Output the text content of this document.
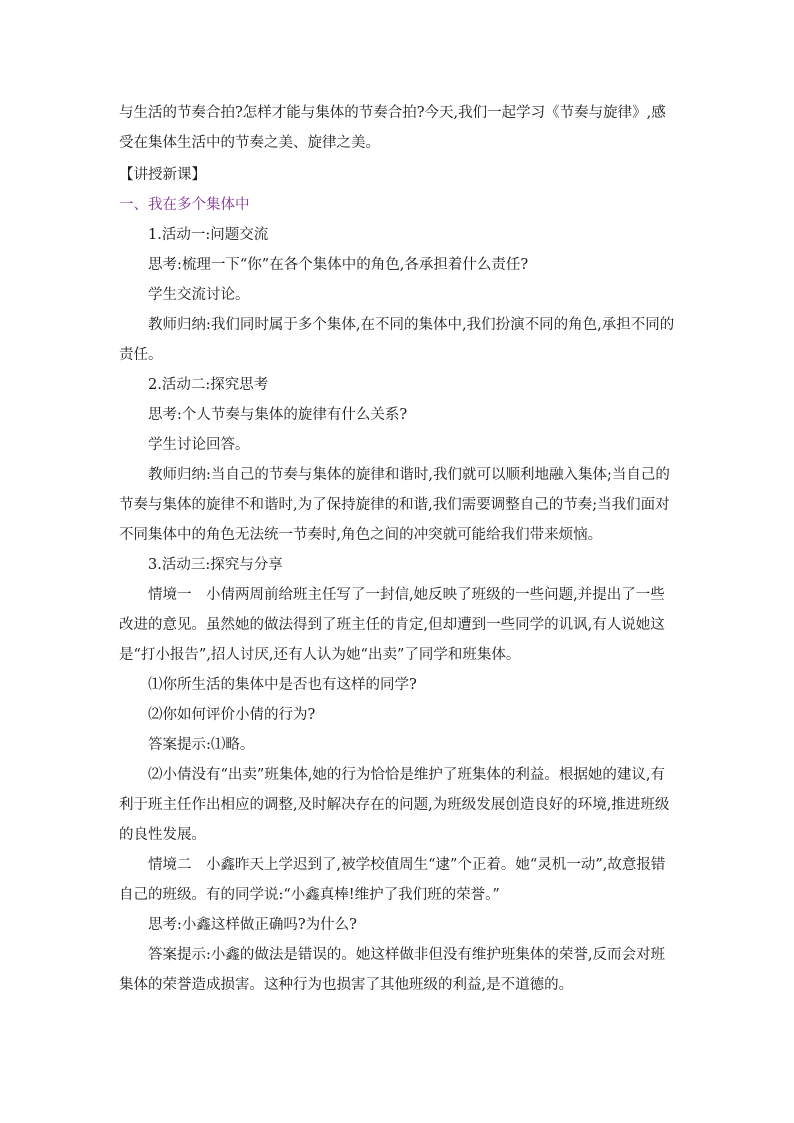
与生活的节奏合拍?怎样才能与集体的节奏合拍?今天,我们一起学习《节奏与旋律》,感受在集体生活中的节奏之美、旋律之美。

【讲授新课】

一、我在多个集体中

1.活动一:问题交流

思考:梳理一下“你”在各个集体中的角色,各承担着什么责任?

学生交流讨论。

教师归纳:我们同时属于多个集体,在不同的集体中,我们扮演不同的角色,承担不同的责任。

2.活动二:探究思考

思考:个人节奏与集体的旋律有什么关系?

学生讨论回答。

教师归纳:当自己的节奏与集体的旋律和谐时,我们就可以顺利地融入集体;当自己的节奏与集体的旋律不和谐时,为了保持旋律的和谐,我们需要调整自己的节奏;当我们面对不同集体中的角色无法统一节奏时,角色之间的冲突就可能给我们带来烦恼。

3.活动三:探究与分享

情境一　小倩两周前给班主任写了一封信,她反映了班级的一些问题,并提出了一些改进的意见。虽然她的做法得到了班主任的肯定,但却遭到一些同学的讥讽,有人说她这是“打小报告”,招人讨厌,还有人认为她“出卖”了同学和班集体。

⑴你所生活的集体中是否也有这样的同学?

⑵你如何评价小倩的行为?

答案提示:⑴略。

⑵小倩没有“出卖”班集体,她的行为恰恰是维护了班集体的利益。根据她的建议,有利于班主任作出相应的调整,及时解决存在的问题,为班级发展创造良好的环境,推进班级的良性发展。

情境二　小鑫昨天上学迟到了,被学校值周生“逮”个正着。她“灵机一动”,故意报错自己的班级。有的同学说:“小鑫真棒!维护了我们班的荣誉。”

思考:小鑫这样做正确吗?为什么?

答案提示:小鑫的做法是错误的。她这样做非但没有维护班集体的荣誉,反而会对班集体的荣誉造成损害。这种行为也损害了其他班级的利益,是不道德的。
